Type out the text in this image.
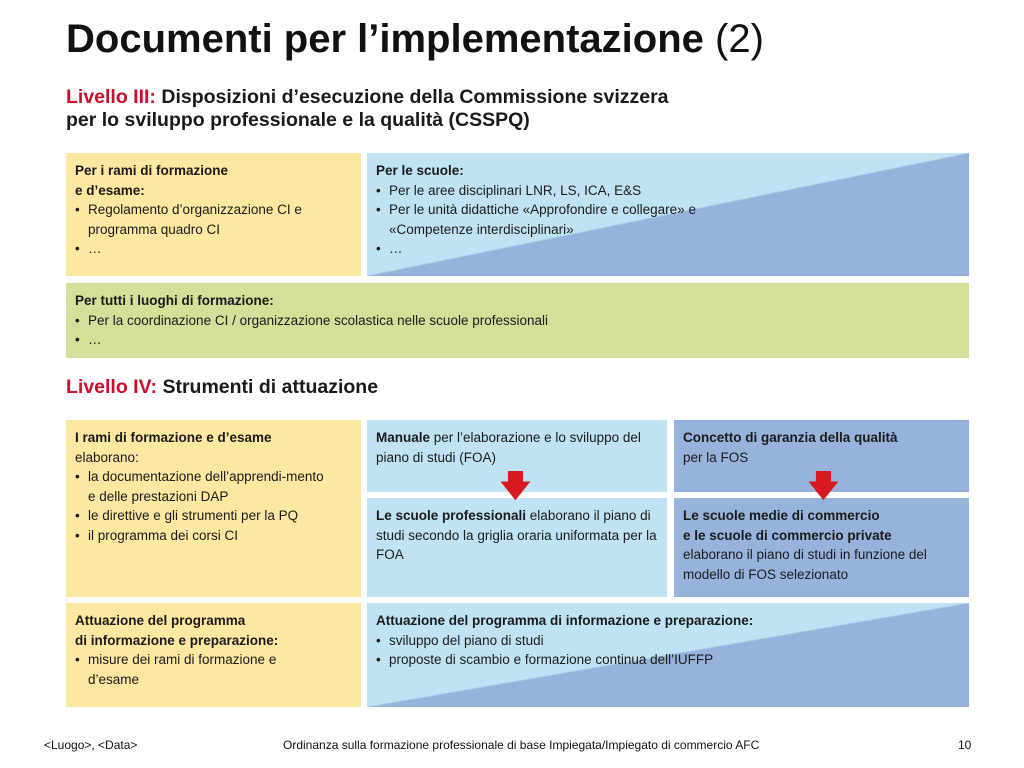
Documenti per l’implementazione (2)
Livello III: Disposizioni d’esecuzione della Commissione svizzera
per lo sviluppo professionale e la qualità (CSSPQ)
Per i rami di formazione
e d’esame:
• Regolamento d’organizzazione CI e programma quadro CI
• …
Per le scuole:
• Per le aree disciplinari LNR, LS, ICA, E&S
• Per le unità didattiche «Approfondire e collegare» e «Competenze interdisciplinari»
• …
Per tutti i luoghi di formazione:
• Per la coordinazione CI / organizzazione scolastica nelle scuole professionali
• …
Livello IV: Strumenti di attuazione
I rami di formazione e d’esame
elaborano:
• la documentazione dell’apprendi-mento e delle prestazioni DAP
• le direttive e gli strumenti per la PQ
• il programma dei corsi CI
Manuale per l’elaborazione e lo sviluppo del piano di studi (FOA)
Concetto di garanzia della qualità
per la FOS
Le scuole professionali elaborano il piano di studi secondo la griglia oraria uniformata per la FOA
Le scuole medie di commercio
e le scuole di commercio private
elaborano il piano di studi in funzione del modello di FOS selezionato
🡇	🡇
Attuazione del programma
di informazione e preparazione:
• misure dei rami di formazione e d’esame
Attuazione del programma di informazione e preparazione:
• sviluppo del piano di studi
• proposte di scambio e formazione continua dell’IUFFP
<Luogo>, <Data>	Ordinanza sulla formazione professionale di base Impiegata/Impiegato di commercio AFC	10
